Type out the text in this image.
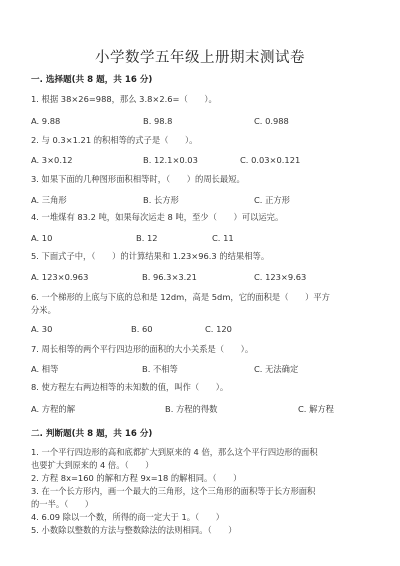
小学数学五年级上册期末测试卷
一. 选择题(共 8 题，共 16 分)
1. 根据 38×26=988，那么 3.8×2.6=（　　）。
A. 9.88	B. 98.8	C. 0.988
2. 与 0.3×1.21 的积相等的式子是（　　）。
A. 3×0.12	B. 12.1×0.03	C. 0.03×0.121
3. 如果下面的几种图形面积相等时，（　　）的周长最短。
A. 三角形	B. 长方形	C. 正方形
4. 一堆煤有 83.2 吨，如果每次运走 8 吨，至少（　　）可以运完。
A. 10	B. 12	C. 11
5. 下面式子中，（　　）的计算结果和 1.23×96.3 的结果相等。
A. 123×0.963	B. 96.3×3.21	C. 123×9.63
6. 一个梯形的上底与下底的总和是 12dm，高是 5dm，它的面积是（　　）平方
分米。
A. 30	B. 60	C. 120
7. 周长相等的两个平行四边形的面积的大小关系是（　　）。
A. 相等	B. 不相等	C. 无法确定
8. 使方程左右两边相等的未知数的值，叫作（　　）。
A. 方程的解	B. 方程的得数	C. 解方程
二. 判断题(共 8 题，共 16 分)
1. 一个平行四边形的高和底都扩大到原来的 4 倍，那么这个平行四边形的面积
也要扩大到原来的 4 倍。（　　）
2. 方程 8x=160 的解和方程 9x=18 的解相同。（　　）
3. 在一个长方形内，画一个最大的三角形，这个三角形的面积等于长方形面积
的一半。（　　）
4. 6.09 除以一个数，所得的商一定大于 1。（　　）
5. 小数除以整数的方法与整数除法的法则相同。（　　）
